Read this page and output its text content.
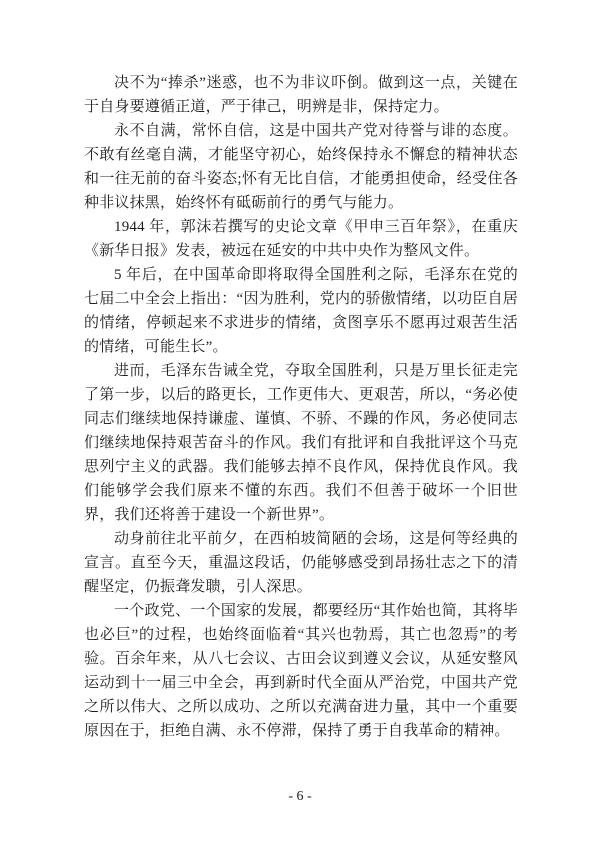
决不为“捧杀”迷惑，也不为非议吓倒。做到这一点，关键在于自身要遵循正道，严于律己，明辨是非，保持定力。

永不自满，常怀自信，这是中国共产党对待誉与诽的态度。不敢有丝毫自满，才能坚守初心，始终保持永不懈怠的精神状态和一往无前的奋斗姿态;怀有无比自信，才能勇担使命，经受住各种非议抹黑，始终怀有砥砺前行的勇气与能力。

1944 年，郭沫若撰写的史论文章《甲申三百年祭》，在重庆《新华日报》发表，被远在延安的中共中央作为整风文件。

5 年后，在中国革命即将取得全国胜利之际，毛泽东在党的七届二中全会上指出：“因为胜利，党内的骄傲情绪，以功臣自居的情绪，停顿起来不求进步的情绪，贪图享乐不愿再过艰苦生活的情绪，可能生长”。

进而，毛泽东告诫全党，夺取全国胜利，只是万里长征走完了第一步，以后的路更长，工作更伟大、更艰苦，所以，“务必使同志们继续地保持谦虚、谨慎、不骄、不躁的作风，务必使同志们继续地保持艰苦奋斗的作风。我们有批评和自我批评这个马克思列宁主义的武器。我们能够去掉不良作风，保持优良作风。我们能够学会我们原来不懂的东西。我们不但善于破坏一个旧世界，我们还将善于建设一个新世界”。

动身前往北平前夕，在西柏坡简陋的会场，这是何等经典的宣言。直至今天，重温这段话，仍能够感受到昂扬壮志之下的清醒坚定，仍振聋发聩，引人深思。

一个政党、一个国家的发展，都要经历“其作始也简，其将毕也必巨”的过程，也始终面临着“其兴也勃焉，其亡也忽焉”的考验。百余年来，从八七会议、古田会议到遵义会议，从延安整风运动到十一届三中全会，再到新时代全面从严治党，中国共产党之所以伟大、之所以成功、之所以充满奋进力量，其中一个重要原因在于，拒绝自满、永不停滞，保持了勇于自我革命的精神。

- 6 -
